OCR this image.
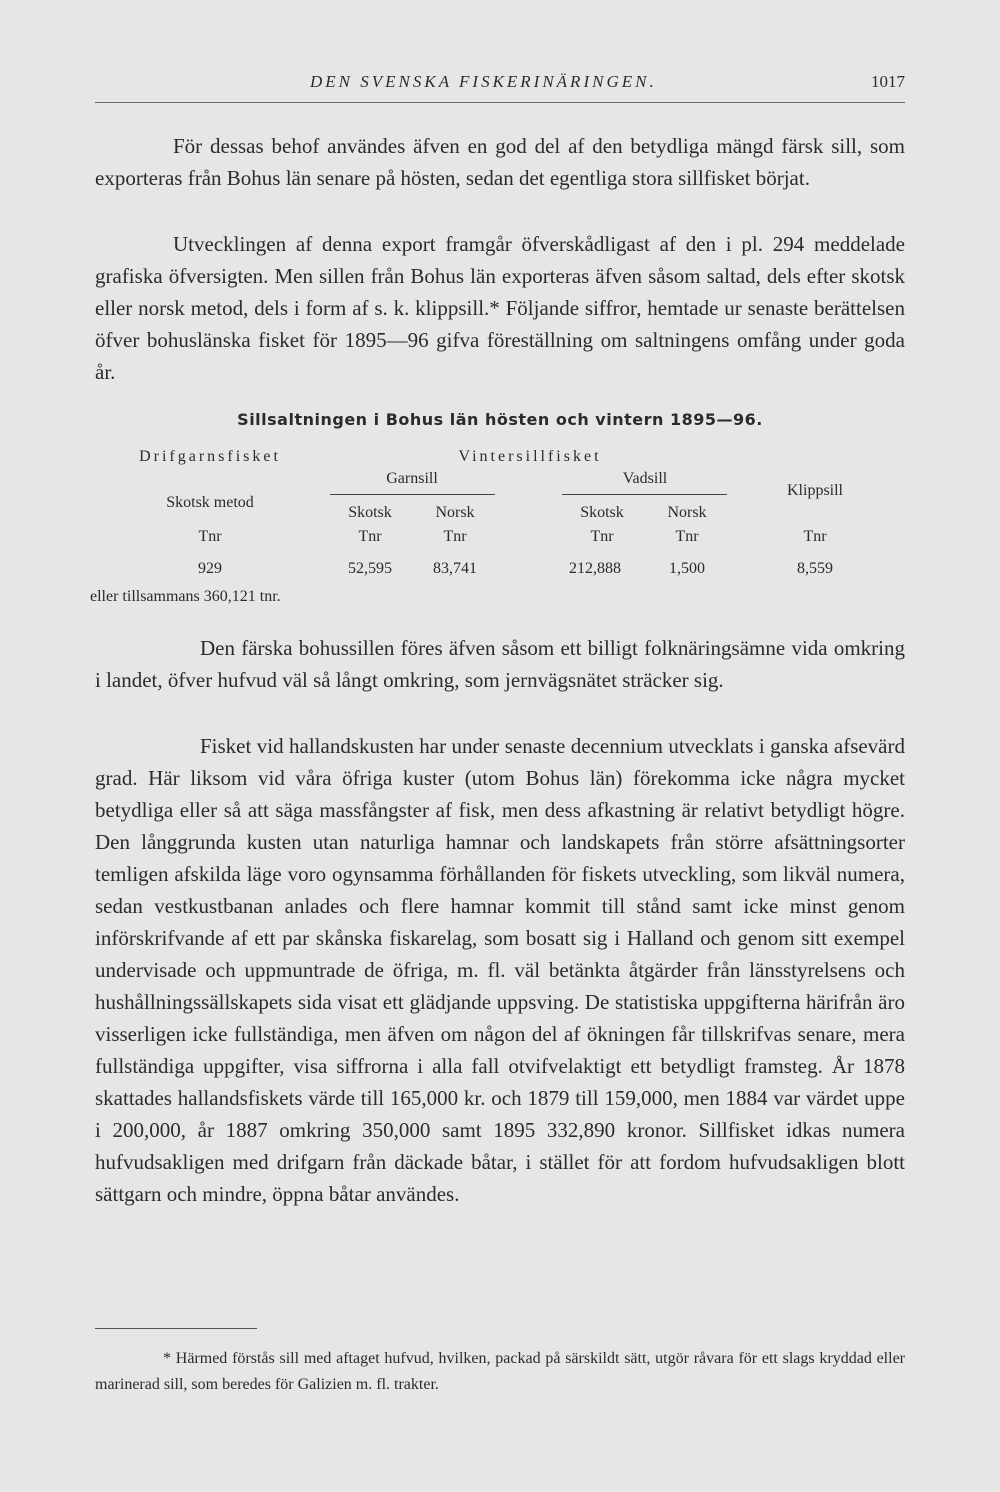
DEN SVENSKA FISKERINÄRINGEN.	1017

För dessas behof användes äfven en god del af den betydliga mängd färsk sill, som exporteras från Bohus län senare på hösten, sedan det egentliga stora sillfisket börjat.

Utvecklingen af denna export framgår öfverskådligast af den i pl. 294 meddelade grafiska öfversigten. Men sillen från Bohus län exporteras äfven såsom saltad, dels efter skotsk eller norsk metod, dels i form af s. k. klippsill.* Följande siffror, hemtade ur senaste berättelsen öfver bohuslänska fisket för 1895—96 gifva föreställning om saltningens omfång under goda år.

Sillsaltningen i Bohus län hösten och vintern 1895—96.
Drifgarnsfisket	Vintersillfisket
Garnsill	Vadsill
Klippsill
Skotsk metod
Skotsk	Norsk	Skotsk	Norsk
Tnr	Tnr	Tnr	Tnr	Tnr	Tnr
929	52,595	83,741	212,888	1,500	8,559
eller tillsammans 360,121 tnr.

Den färska bohussillen föres äfven såsom ett billigt folknäringsämne vida omkring i landet, öfver hufvud väl så långt omkring, som jernvägsnätet sträcker sig.

Fisket vid hallandskusten har under senaste decennium utvecklats i ganska afsevärd grad. Här liksom vid våra öfriga kuster (utom Bohus län) förekomma icke några mycket betydliga eller så att säga massfångster af fisk, men dess afkastning är relativt betydligt högre. Den långgrunda kusten utan naturliga hamnar och landskapets från större afsättningsorter temligen afskilda läge voro ogynsamma förhållanden för fiskets utveckling, som likväl numera, sedan vestkustbanan anlades och flere hamnar kommit till stånd samt icke minst genom införskrifvande af ett par skånska fiskarelag, som bosatt sig i Halland och genom sitt exempel undervisade och uppmuntrade de öfriga, m. fl. väl betänkta åtgärder från länsstyrelsens och hushållningssällskapets sida visat ett glädjande uppsving. De statistiska uppgifterna härifrån äro visserligen icke fullständiga, men äfven om någon del af ökningen får tillskrifvas senare, mera fullständiga uppgifter, visa siffrorna i alla fall otvifvelaktigt ett betydligt framsteg. År 1878 skattades hallandsfiskets värde till 165,000 kr. och 1879 till 159,000, men 1884 var värdet uppe i 200,000, år 1887 omkring 350,000 samt 1895 332,890 kronor. Sillfisket idkas numera hufvudsakligen med drifgarn från däckade båtar, i stället för att fordom hufvudsakligen blott sättgarn och mindre, öppna båtar användes.

* Härmed förstås sill med aftaget hufvud, hvilken, packad på särskildt sätt, utgör råvara för ett slags kryddad eller marinerad sill, som beredes för Galizien m. fl. trakter.
